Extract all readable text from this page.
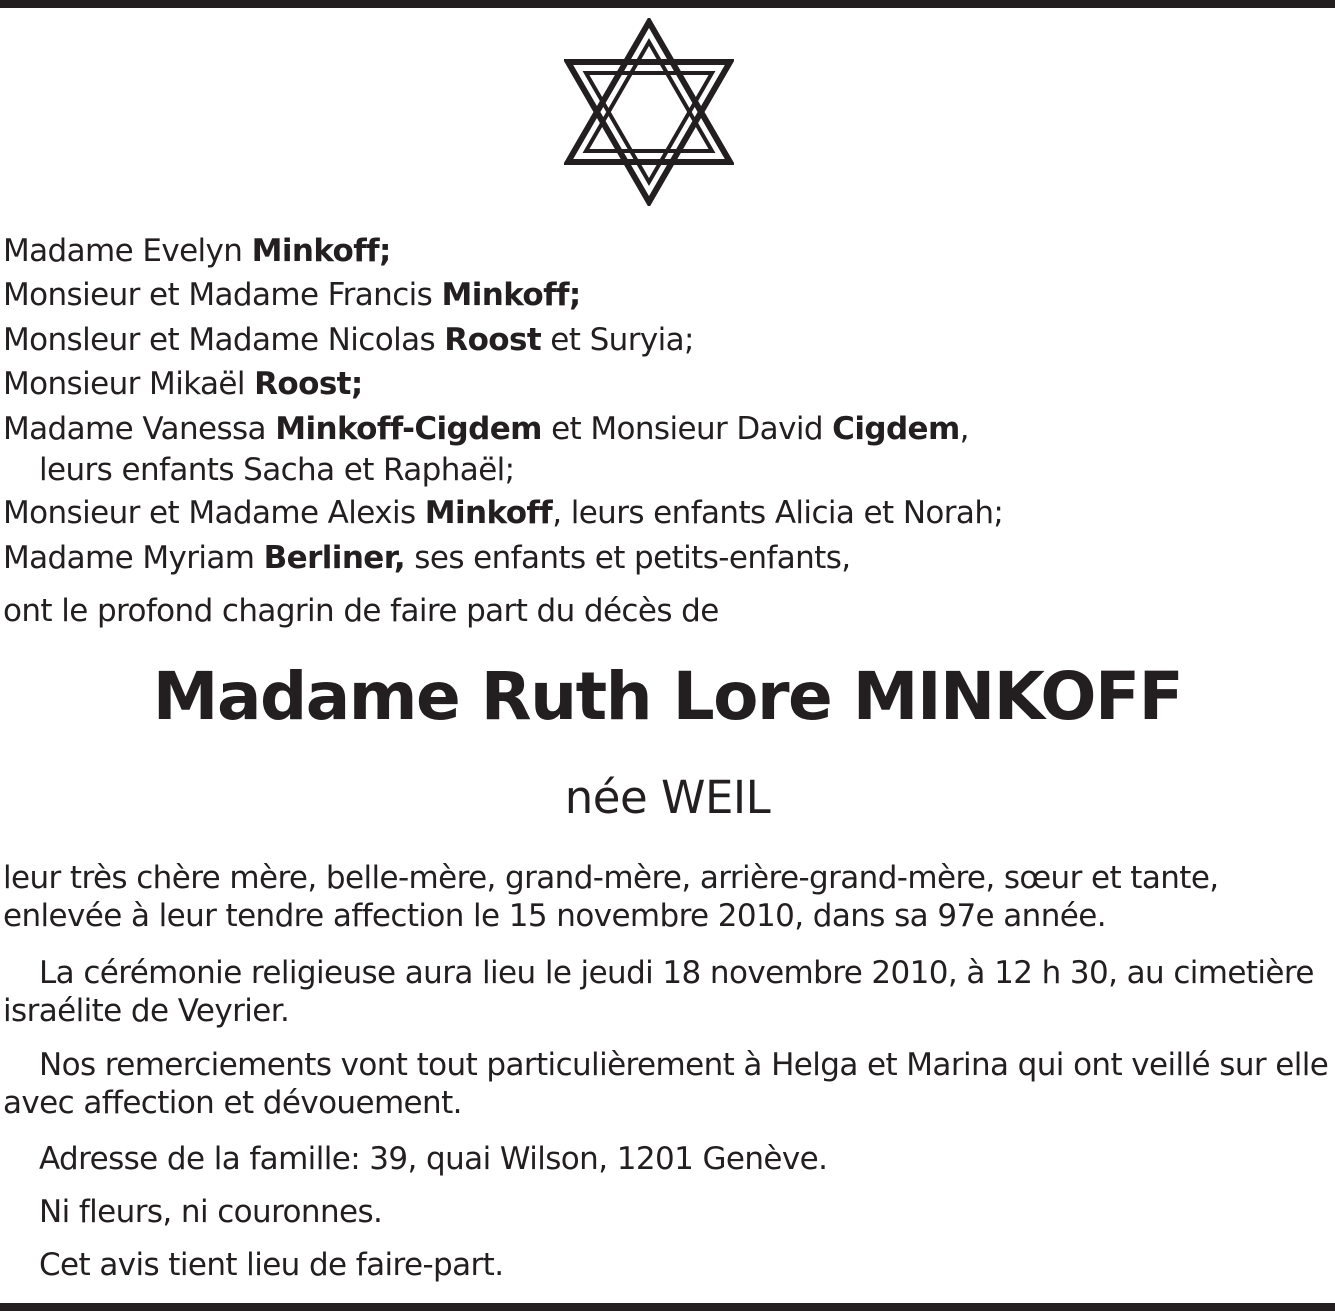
Madame Evelyn Minkoff;
Monsieur et Madame Francis Minkoff;
Monsleur et Madame Nicolas Roost et Suryia;
Monsieur Mikaël Roost;
Madame Vanessa Minkoff-Cigdem et Monsieur David Cigdem,
leurs enfants Sacha et Raphaël;
Monsieur et Madame Alexis Minkoff, leurs enfants Alicia et Norah;
Madame Myriam Berliner, ses enfants et petits-enfants,
ont le profond chagrin de faire part du décès de
Madame Ruth Lore MINKOFF
née WEIL
leur très chère mère, belle-mère, grand-mère, arrière-grand-mère, sœur et tante, enlevée à leur tendre affection le 15 novembre 2010, dans sa 97e année.
La cérémonie religieuse aura lieu le jeudi 18 novembre 2010, à 12 h 30, au cimetière israélite de Veyrier.
Nos remerciements vont tout particulièrement à Helga et Marina qui ont veillé sur elle avec affection et dévouement.
Adresse de la famille: 39, quai Wilson, 1201 Genève.
Ni fleurs, ni couronnes.
Cet avis tient lieu de faire-part.
